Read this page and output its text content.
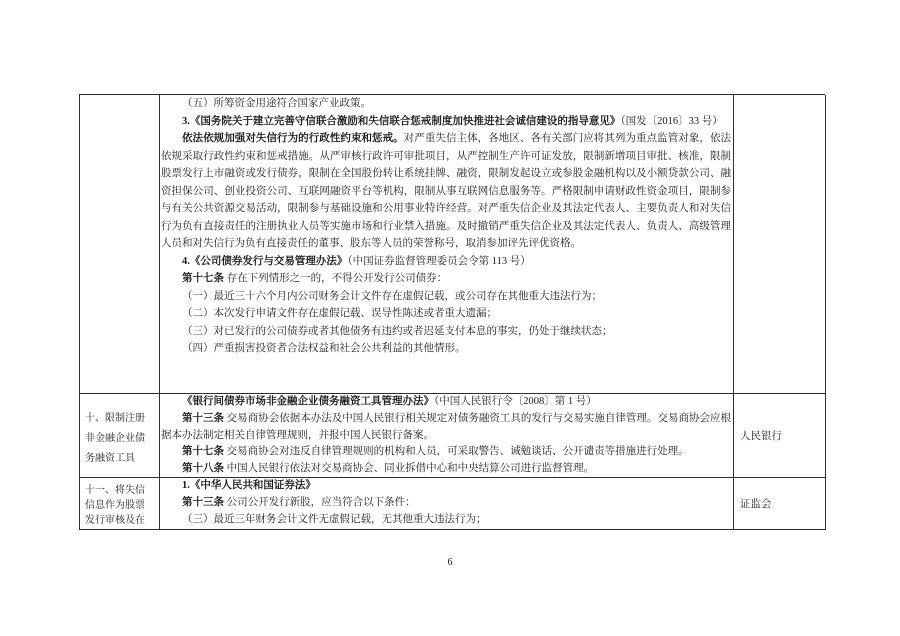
（五）所筹资金用途符合国家产业政策。

3.《国务院关于建立完善守信联合激励和失信联合惩戒制度加快推进社会诚信建设的指导意见》（国发〔2016〕33 号）

依法依规加强对失信行为的行政性约束和惩戒。对严重失信主体，各地区、各有关部门应将其列为重点监管对象，依法依规采取行政性约束和惩戒措施。从严审核行政许可审批项目，从严控制生产许可证发放，限制新增项目审批、核准，限制股票发行上市融资或发行债券，限制在全国股份转让系统挂牌、融资，限制发起设立或参股金融机构以及小额贷款公司、融资担保公司、创业投资公司、互联网融资平台等机构，限制从事互联网信息服务等。严格限制申请财政性资金项目，限制参与有关公共资源交易活动，限制参与基础设施和公用事业特许经营。对严重失信企业及其法定代表人、主要负责人和对失信行为负有直接责任的注册执业人员等实施市场和行业禁入措施。及时撤销严重失信企业及其法定代表人、负责人、高级管理人员和对失信行为负有直接责任的董事、股东等人员的荣誉称号，取消参加评先评优资格。

4.《公司债券发行与交易管理办法》（中国证券监督管理委员会令第 113 号）

第十七条 存在下列情形之一的，不得公开发行公司债券：

（一）最近三十六个月内公司财务会计文件存在虚假记载，或公司存在其他重大违法行为；

（二）本次发行申请文件存在虚假记载、误导性陈述或者重大遗漏；

（三）对已发行的公司债券或者其他债务有违约或者迟延支付本息的事实，仍处于继续状态；

（四）严重损害投资者合法权益和社会公共利益的其他情形。

十、限制注册非金融企业债务融资工具

《银行间债券市场非金融企业债务融资工具管理办法》（中国人民银行令〔2008〕第 1 号）

第十三条 交易商协会依据本办法及中国人民银行相关规定对债务融资工具的发行与交易实施自律管理。交易商协会应根据本办法制定相关自律管理规则，并报中国人民银行备案。

第十七条 交易商协会对违反自律管理规则的机构和人员，可采取警告、诫勉谈话、公开谴责等措施进行处理。

第十八条 中国人民银行依法对交易商协会、同业拆借中心和中央结算公司进行监督管理。

人民银行
十一、将失信信息作为股票发行审核及在

1.《中华人民共和国证券法》

第十三条 公司公开发行新股，应当符合以下条件：

（三）最近三年财务会计文件无虚假记载，无其他重大违法行为；

证监会
6
